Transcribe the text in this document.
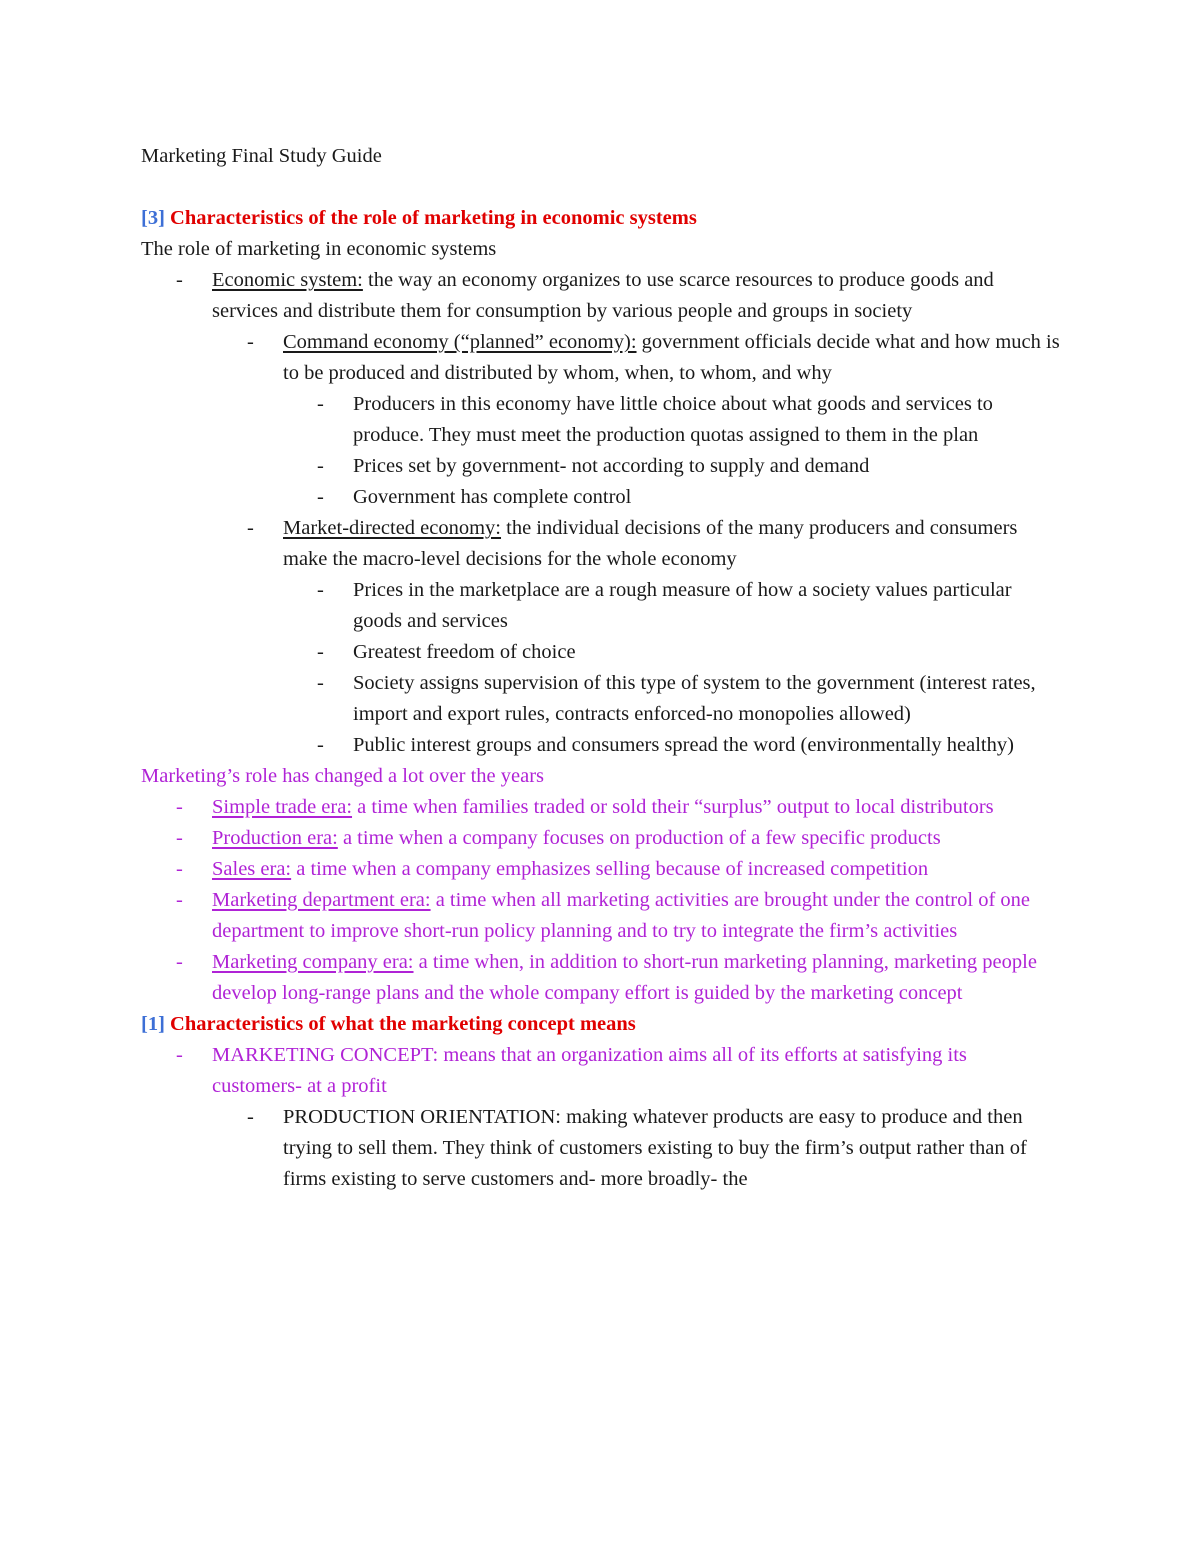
Marketing Final Study Guide
[3] Characteristics of the role of marketing in economic systems
The role of marketing in economic systems
- Economic system: the way an economy organizes to use scarce resources to produce goods and services and distribute them for consumption by various people and groups in society
- Command economy (“planned” economy): government officials decide what and how much is to be produced and distributed by whom, when, to whom, and why
- Producers in this economy have little choice about what goods and services to produce. They must meet the production quotas assigned to them in the plan
- Prices set by government- not according to supply and demand
- Government has complete control
- Market-directed economy: the individual decisions of the many producers and consumers make the macro-level decisions for the whole economy
- Prices in the marketplace are a rough measure of how a society values particular goods and services
- Greatest freedom of choice
- Society assigns supervision of this type of system to the government (interest rates, import and export rules, contracts enforced-no monopolies allowed)
- Public interest groups and consumers spread the word (environmentally healthy)
Marketing’s role has changed a lot over the years
- Simple trade era: a time when families traded or sold their “surplus” output to local distributors
- Production era: a time when a company focuses on production of a few specific products
- Sales era: a time when a company emphasizes selling because of increased competition
- Marketing department era: a time when all marketing activities are brought under the control of one department to improve short-run policy planning and to try to integrate the firm’s activities
- Marketing company era: a time when, in addition to short-run marketing planning, marketing people develop long-range plans and the whole company effort is guided by the marketing concept
[1] Characteristics of what the marketing concept means
- MARKETING CONCEPT: means that an organization aims all of its efforts at satisfying its customers- at a profit
- PRODUCTION ORIENTATION: making whatever products are easy to produce and then trying to sell them. They think of customers existing to buy the firm’s output rather than of firms existing to serve customers and- more broadly- the
